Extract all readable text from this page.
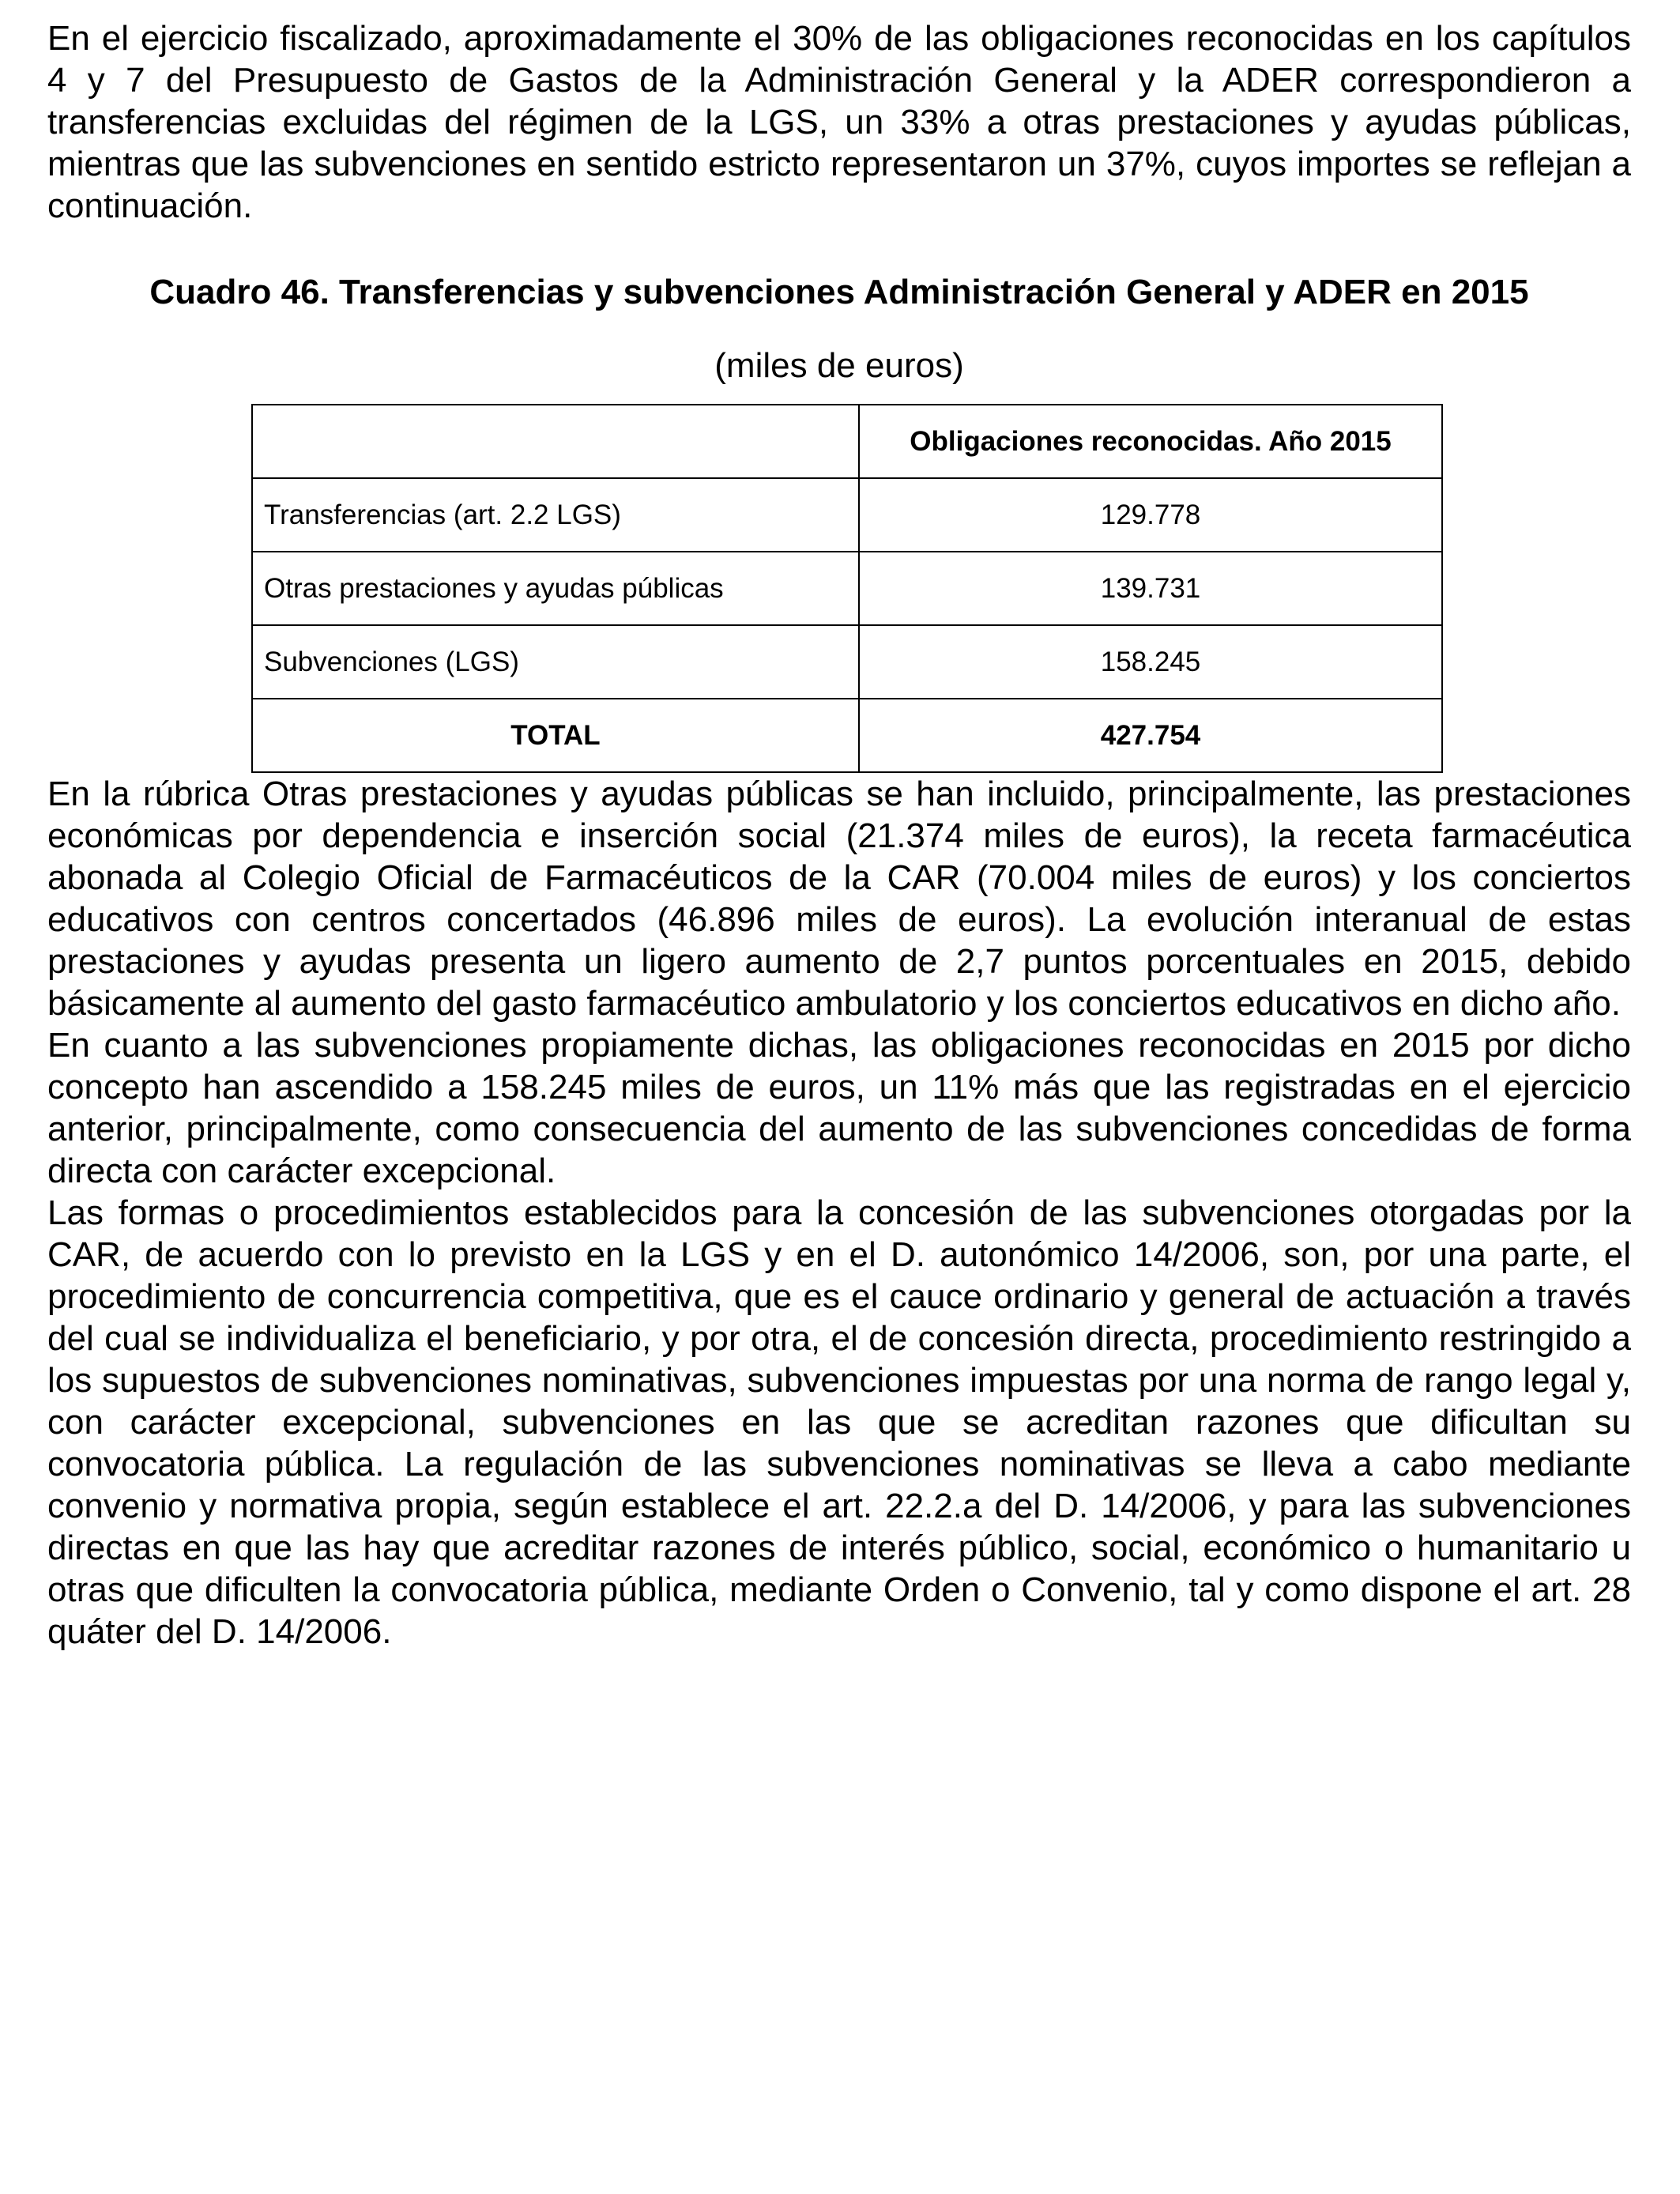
En el ejercicio fiscalizado, aproximadamente el 30% de las obligaciones reconocidas en los capítulos 4 y 7 del Presupuesto de Gastos de la Administración General y la ADER correspondieron a transferencias excluidas del régimen de la LGS, un 33% a otras prestaciones y ayudas públicas, mientras que las subvenciones en sentido estricto representaron un 37%, cuyos importes se reflejan a continuación.

Cuadro 46. Transferencias y subvenciones Administración General y ADER en 2015
(miles de euros)
	Obligaciones reconocidas. Año 2015
Transferencias (art. 2.2 LGS)	129.778
Otras prestaciones y ayudas públicas	139.731
Subvenciones (LGS)	158.245
TOTAL	427.754

En la rúbrica Otras prestaciones y ayudas públicas se han incluido, principalmente, las prestaciones económicas por dependencia e inserción social (21.374 miles de euros), la receta farmacéutica abonada al Colegio Oficial de Farmacéuticos de la CAR (70.004 miles de euros) y los conciertos educativos con centros concertados (46.896 miles de euros). La evolución interanual de estas prestaciones y ayudas presenta un ligero aumento de 2,7 puntos porcentuales en 2015, debido básicamente al aumento del gasto farmacéutico ambulatorio y los conciertos educativos en dicho año.

En cuanto a las subvenciones propiamente dichas, las obligaciones reconocidas en 2015 por dicho concepto han ascendido a 158.245 miles de euros, un 11% más que las registradas en el ejercicio anterior, principalmente, como consecuencia del aumento de las subvenciones concedidas de forma directa con carácter excepcional.

Las formas o procedimientos establecidos para la concesión de las subvenciones otorgadas por la CAR, de acuerdo con lo previsto en la LGS y en el D. autonómico 14/2006, son, por una parte, el procedimiento de concurrencia competitiva, que es el cauce ordinario y general de actuación a través del cual se individualiza el beneficiario, y por otra, el de concesión directa, procedimiento restringido a los supuestos de subvenciones nominativas, subvenciones impuestas por una norma de rango legal y, con carácter excepcional, subvenciones en las que se acreditan razones que dificultan su convocatoria pública. La regulación de las subvenciones nominativas se lleva a cabo mediante convenio y normativa propia, según establece el art. 22.2.a del D. 14/2006, y para las subvenciones directas en que las hay que acreditar razones de interés público, social, económico o humanitario u otras que dificulten la convocatoria pública, mediante Orden o Convenio, tal y como dispone el art. 28 quáter del D. 14/2006.
